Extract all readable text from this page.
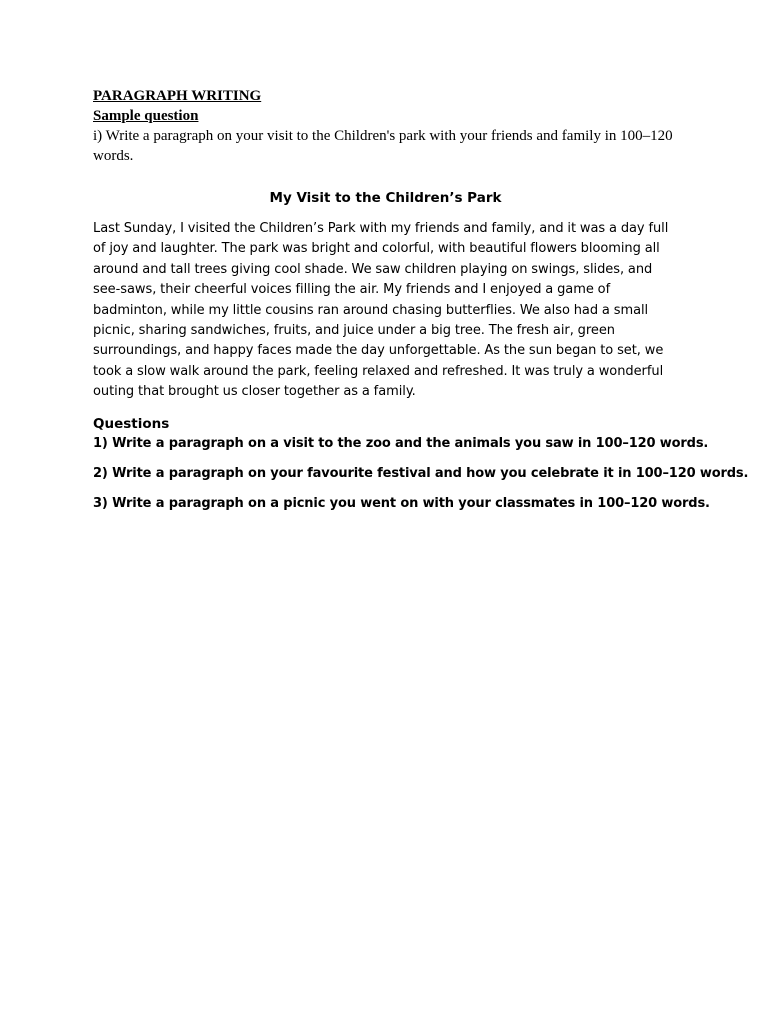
PARAGRAPH WRITING

Sample question

i) Write a paragraph on your visit to the Children's park with your friends and family in 100–120 words.

My Visit to the Children’s Park

Last Sunday, I visited the Children’s Park with my friends and family, and it was a day full of joy and laughter. The park was bright and colorful, with beautiful flowers blooming all around and tall trees giving cool shade. We saw children playing on swings, slides, and see-saws, their cheerful voices filling the air. My friends and I enjoyed a game of badminton, while my little cousins ran around chasing butterflies. We also had a small picnic, sharing sandwiches, fruits, and juice under a big tree. The fresh air, green surroundings, and happy faces made the day unforgettable. As the sun began to set, we took a slow walk around the park, feeling relaxed and refreshed. It was truly a wonderful outing that brought us closer together as a family.

Questions

1) Write a paragraph on a visit to the zoo and the animals you saw in 100–120 words.

2) Write a paragraph on your favourite festival and how you celebrate it in 100–120 words.

3) Write a paragraph on a picnic you went on with your classmates in 100–120 words.
